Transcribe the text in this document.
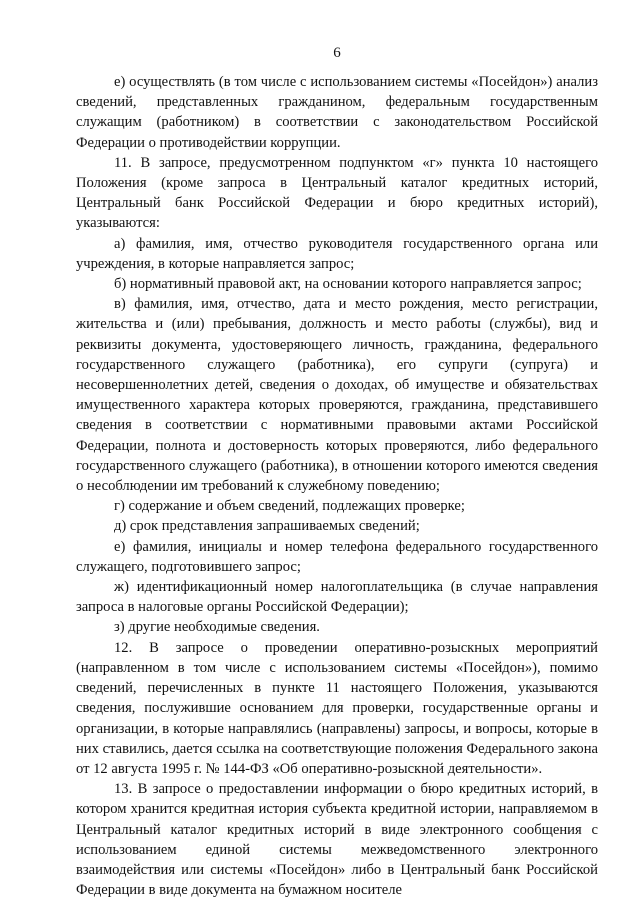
6

е) осуществлять (в том числе с использованием системы «Посейдон») анализ сведений, представленных гражданином, федеральным государственным служащим (работником) в соответствии с законодательством Российской Федерации о противодействии коррупции.

11. В запросе, предусмотренном подпунктом «г» пункта 10 настоящего Положения (кроме запроса в Центральный каталог кредитных историй, Центральный банк Российской Федерации и бюро кредитных историй), указываются:

а) фамилия, имя, отчество руководителя государственного органа или учреждения, в которые направляется запрос;

б) нормативный правовой акт, на основании которого направляется запрос;

в) фамилия, имя, отчество, дата и место рождения, место регистрации, жительства и (или) пребывания, должность и место работы (службы), вид и реквизиты документа, удостоверяющего личность, гражданина, федерального государственного служащего (работника), его супруги (супруга) и несовершеннолетних детей, сведения о доходах, об имуществе и обязательствах имущественного характера которых проверяются, гражданина, представившего сведения в соответствии с нормативными правовыми актами Российской Федерации, полнота и достоверность которых проверяются, либо федерального государственного служащего (работника), в отношении которого имеются сведения о несоблюдении им требований к служебному поведению;

г) содержание и объем сведений, подлежащих проверке;

д) срок представления запрашиваемых сведений;

е) фамилия, инициалы и номер телефона федерального государственного служащего, подготовившего запрос;

ж) идентификационный номер налогоплательщика (в случае направления запроса в налоговые органы Российской Федерации);

з) другие необходимые сведения.

12. В запросе о проведении оперативно-розыскных мероприятий (направленном в том числе с использованием системы «Посейдон»), помимо сведений, перечисленных в пункте 11 настоящего Положения, указываются сведения, послужившие основанием для проверки, государственные органы и организации, в которые направлялись (направлены) запросы, и вопросы, которые в них ставились, дается ссылка на соответствующие положения Федерального закона от 12 августа 1995 г. № 144-ФЗ «Об оперативно-розыскной деятельности».

13. В запросе о предоставлении информации о бюро кредитных историй, в котором хранится кредитная история субъекта кредитной истории, направляемом в Центральный каталог кредитных историй в виде электронного сообщения с использованием единой системы межведомственного электронного взаимодействия или системы «Посейдон» либо в Центральный банк Российской Федерации в виде документа на бумажном носителе
